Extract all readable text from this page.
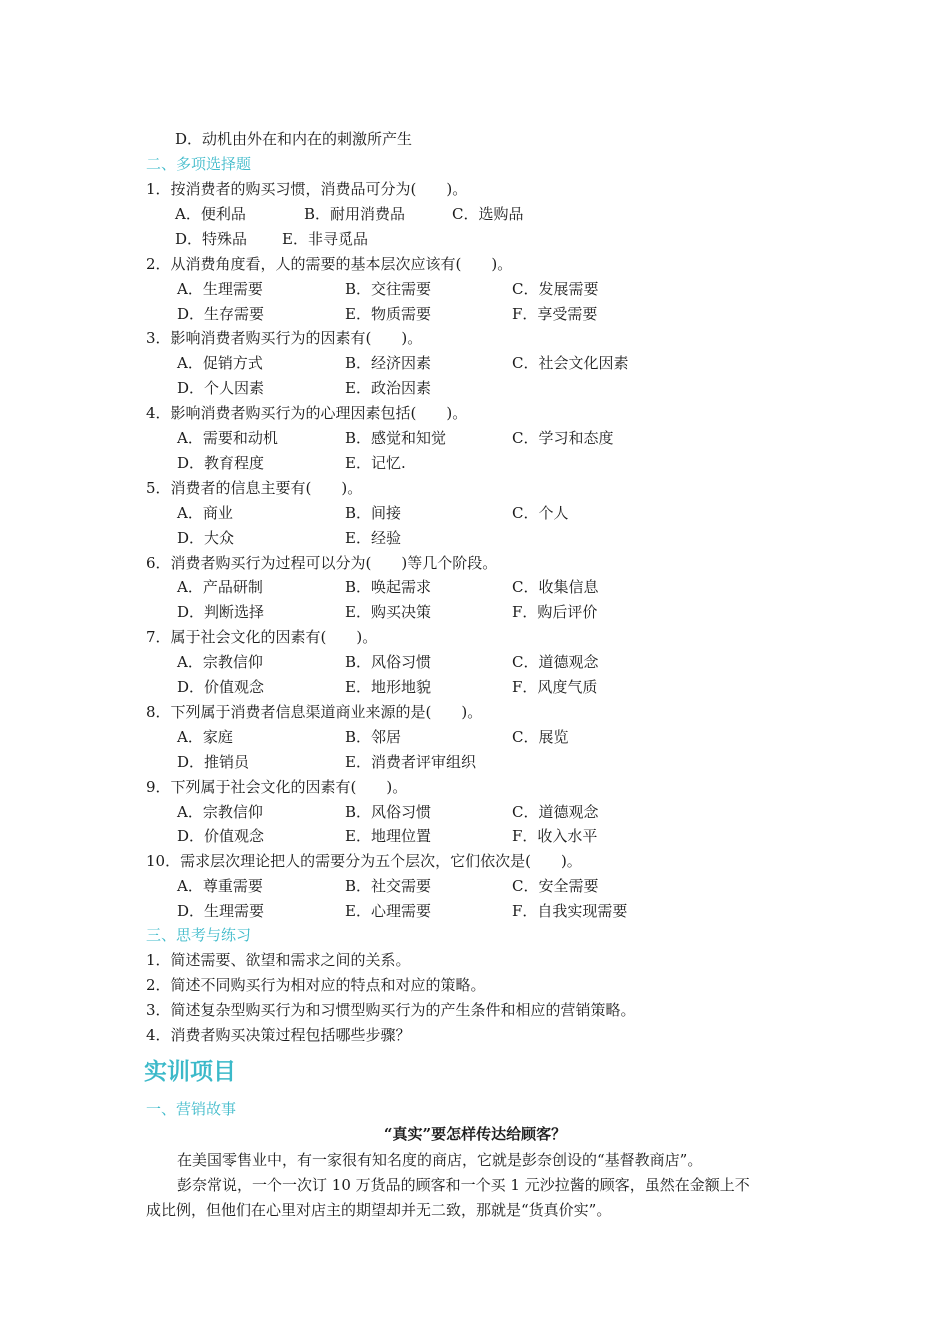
D．动机由外在和内在的刺激所产生
二、多项选择题
1．按消费者的购买习惯，消费品可分为(　　)。
A．便利品	B．耐用消费品	C．选购品
D．特殊品 E．非寻觅品
2．从消费角度看，人的需要的基本层次应该有(　　)。
A．生理需要	B．交往需要	C．发展需要
D．生存需要	E．物质需要	F．享受需要
3．影响消费者购买行为的因素有(　　)。
A．促销方式	B．经济因素	C．社会文化因素
D．个人因素	E．政治因素
4．影响消费者购买行为的心理因素包括(　　)。
A．需要和动机	B．感觉和知觉	C．学习和态度
D．教育程度	E．记忆.
5．消费者的信息主要有(　　)。
A．商业	B．间接	C．个人
D．大众	E．经验
6．消费者购买行为过程可以分为(　　)等几个阶段。
A．产品研制	B．唤起需求	C．收集信息
D．判断选择	E．购买决策	F．购后评价
7．属于社会文化的因素有(　　)。
A．宗教信仰	B．风俗习惯	C．道德观念
D．价值观念	E．地形地貌	F．风度气质
8．下列属于消费者信息渠道商业来源的是(　　)。
A．家庭	B．邻居	C．展览
D．推销员	E．消费者评审组织
9．下列属于社会文化的因素有(　　)。
A．宗教信仰	B．风俗习惯	C．道德观念
D．价值观念	E．地理位置	F．收入水平
10．需求层次理论把人的需要分为五个层次，它们依次是(　　)。
A．尊重需要	B．社交需要	C．安全需要
D．生理需要	E．心理需要	F．自我实现需要
三、思考与练习
1．简述需要、欲望和需求之间的关系。
2．简述不同购买行为相对应的特点和对应的策略。
3．简述复杂型购买行为和习惯型购买行为的产生条件和相应的营销策略。
4．消费者购买决策过程包括哪些步骤？
实训项目
一、营销故事
“真实”要怎样传达给顾客？
在美国零售业中，有一家很有知名度的商店，它就是彭奈创设的“基督教商店”。
彭奈常说，一个一次订 10 万货品的顾客和一个买 1 元沙拉酱的顾客，虽然在金额上不
成比例，但他们在心里对店主的期望却并无二致，那就是“货真价实”。
